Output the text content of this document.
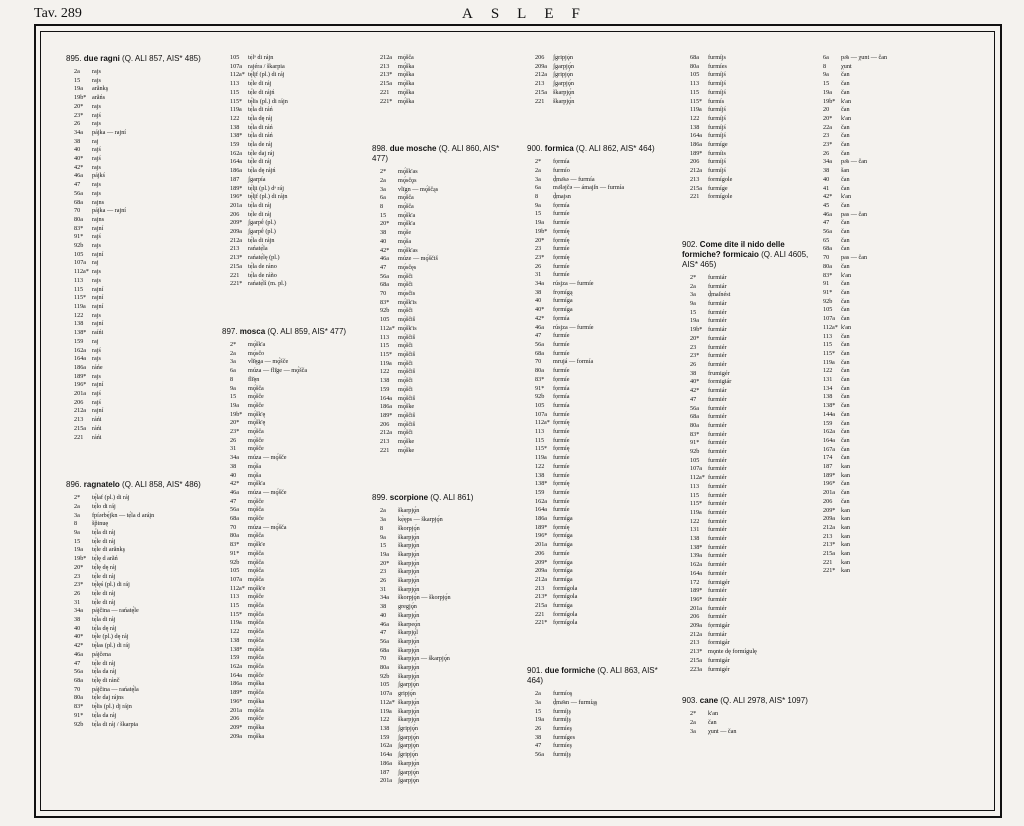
Tav. 289	ASLEF
895. due ragni (Q. ALI 857, AIS* 485)
2a	rajs
15	rajs
19a	arănkş
19b* arăńs
20*	rajs
23*	rajś
26	rajs
34a	pájka — rajní
38	raj
40	rajś
40*	rajś
42*	rajs
46a	pájkś
47	rajs
56a	rajs
68a	rajns
70	pájka — rajní
80a	rajns
83*	rajní
91*	rajś
92b	rajs
105	rajní
107a raj
112a* rajs
113	rajs
115	rajní
115* rajní
119a rajní
122	rajs
138	rajní
138* raíńi
159	raj
162a rajś
164a rajs
186a ráńe
189* rajs
196* rajní
201a rajś
206	rajś
212a rajní
213	ráńi
215a ráńi
221	ráńi
896. ragnatelo (Q. ALI 858, AIS* 486)
2*	tę́laf (pl.) di ráj
2a	tẹ́lo di ráj
3a	fpíərbẹ́jkn — tẹ́la d aráįn
8	šp̌inuę
9a	tẹ́la di ráj
15	tẹ́le di ráj
19a	tẹ́le di arănkş
19b* tẹ́lę d arăń
20*	tẹ́lę dę ráj
23	tẹ́le di ráj
23*	tę́lęś (pl.) di ráj
26	tẹ́le di ráj
31	tẹ́le di ráj
34a	pájčina — rańatę́le
38	tẹ́la di ráj
40	tẹ́la dę ráj
40*	tę́le (pl.) dę ráj
42*	tę́las (pl.) di ráj
46a	pájčena
47	tẹ́le di ráj
56a	tẹ́la da ráj
68a	tẹ́lę di ránč
70	pájčina — rańatę́la
80a	tẹ́le daj rájns
83*	tę́lis (pl.) dj rájn
91*	tẹ́la da ráj
92b	tẹ́la di ráj / škarpia
105	tẹ́lᵊ di rájn
107a rajéra / škarpia
112a* tę́lįf (pl.) di ráj
113	tẹ́le di ráj
115	tẹ́le di rájń
115* tę́lis (pl.) di rájn
119a tẹ́la di ráń
122	tẹ́la dę ráj
138	tẹ́la di ráń
138* tẹ́la di ráń
159	tẹ́la de ráj
162a tẹ́le daj ráj
164a tẹ́le di ráj
186a tẹ́la dę rájń
187	ʃgarpía
189* tẹ́lįi (pl.) dᵊ ráj
196* tę́lįf (pl.) di rájn
201a tẹ́la di ráj
206	tẹ́le di ráj
209* ʃgarpḗ (pl.)
209a ʃgarpḗ (pl.)
212a tẹ́la di rájn
213	rańatẹ́la
213* rańatẹ́lę (pl.)
215a tẹ́la de ráno
221	tẹ́la de ráño
221* rańatẹ́lì (m. pl.)
897. mosca (Q. ALI 859, AIS* 477)
2*	mǫ́šk'a
2a	mǫ́sčo
3a	vlī̆ęga — mǫ́šče
6a	múza — flī̆ge — mǫ́šča
8	flī̆ęn
9a	mǫ́šča
15	mǫ́šče
19a	mǫ́šče
19b* mǫ́šk'ę
20*	mǫ́šk'ę
23*	mǫ́šča
26	mǫ́šče
31	mǫ́šče
34a	múza — mǫ́šče
38	mǫ́ša
40	mǫ́ša
42*	mǫ́šk'a
46a	múza — mǫ́šče
47	mǫ́šče
56a	mǫ́šča
68a	mǫ́šče
70	múza — mǫ́šča
80a	mǫ́šča
83*	mǫ́šk'e
91*	mǫ́šča
92b	mǫ́šča
105	mǫ́šča
107a mǫ́šča
112a* mǫ́šk'e
113	mǫ́šče
115	mǫ́šča
115* mǫ́šča
119a mǫ́šča
122	mǫ́šča
138	mǫ́šča
138* mǫ́šča
159	mǫ́šča
162a mǫ́šča
164a mǫ́šče
186a mǫ́ška
189* mǫ́šča
196* mǫ́ška
201a mǫ́šča
206	mǫ́šče
209* mǫ́ška
209a mǫ́ška
212a mǫ́šča
213	mǫ́ška
213* mǫ́ška
215a mǫ́ška
221	mǫ́ška
221* mǫ́ška
898. due mosche (Q. ALI 860, AIS* 477)
2*	mǫ́šk'as
2a	mǫ́sčǫs
3a	vlīgn — mǫ́ščąs
6a	mǫ́šča
8	mǫ́šča
15	mǫ́šk'a
20*	mǫ́šk'a
38	mǫ́še
40	mǫ́ša
42*	mǫ́šk'as
46a	múze — mǫ́ščiš
47	mǫ́sčęs
56a	mǫ́šči
68a	mǫ́šči
70	mǫ́sčis
83*	mǫ́šk'is
92b	mǫ́šči
105	mǫ́ščiš
112a* mǫ́šk'is
113	mǫ́ščiš
115	mǫ́šči
115* mǫ́ščiš
119a mǫ́šči
122	mǫ́ščiš
138	mǫ́šči
159	mǫ́šči
164a mǫ́ščiš
186a mǫ́ške
189* mǫ́ščiš
206	mǫ́ščiš
212a mǫ́šči
213	mǫ́ške
221	mǫ́ške
899. scorpione (Q. ALI 861)
2a	škarpjǫ́n
3a	kẹ̀ęps — škarpjǫ́n
8	škorpjǫ́n
9a	škarpjǫ́n
15	škarpjǫ́n
19a	škarpjǫ́n
20*	škarpjǫ́n
23	škarpjǫ́n
26	škarpjǫ́n
31	škarpjǫ́n
34a	škorpjǫ́n — škorpjǫ́n
38	gregjǫ́n
40	škarpjǫ́n
46a	škarpeǫ́n
47	škarpjǫ́l
56a	škarpjǫ́n
68a	škarpjǫ́n
70	škarpjǫ́n — škarpjǫ́n
80a	škarpjǫ́n
92b	škarpjǫ́n
105	ʃgarpjǫ́n
107a gripjǫ́n
112a* škarpjǫ́n
119a škarpjǫ́n
122	škarpjǫ́n
138	ʃgripjǫ́n
159	ʃgarpjǫ́n
162a ʃgarpjǫ́n
164a ʃgripjǫ́n
186a škarpjǫ́n
187	ʃgarpjǫ́n
201a ʃgarpjǫ́n
206	ʃgripjǫ́n
209a ʃgarpjǫ́n
212a ʃgripjǫ́n
213	ʃgarpjǫ́n
215a škarpjǫ́n
221	škarpjǫ́n
900. formica (Q. ALI 862, AIS* 464)
2*	fọrmía
2a	furmío
3a	ḍ̣̀mə̄sə — furmía
6a	mə̄ləjčə — ámajſn — furmía
8	ḍ̣̀majsn
9a	fọrmía
15	furmíe
19a	furmíe
19b* fọrmíę
20*	fọrmíę
23	furmíe
23*	fọrmíę
26	furmíe
31	furmíe
34a	rúsjza — furmíe
38	frọmígą
40	furmíga
40*	fọrmíga
42*	fọrmía
46a	rúsjza — furmíe
47	furmíe
56a	furmíe
68a	furmíe
70	mrujá — formía
80a	furmíe
83*	fọrmíe
91*	fọrmía
92b	fọrmía
105	furmía
107a furmíe
112a* fọrmíę
113	furmíe
115	furmíe
115* fọrmíę
119a furmíe
122	furmíe
138	furmíe
138* fọrmíę
159	furmíe
162a furmíe
164a furmíe
186a furmíga
189* fọrmíę
196* fọrmíga
201a furmíga
206	furmíe
209* fọrmíga
209a fọrmíga
212a furmíga
213	formígola
213* fọrmígola
215a furmíga
221	formígola
221* fọrmígola
901. due formiche (Q. ALI 863, AIS* 464)
2a	furmíoş
3a	ḍ̣̀mə̄sn — furmíąş
15	furmíjş
19a	furmíjş
26	furmíeş
38	furmíges
47	furmíeş
56a	furmíjş
68a	furmíjs
80a	furmíes
105	furmíjś
113	furmíjś
115	furmíjś
115* furmís
119a furmíjś
122	furmíjś
138	furmíjś
164a furmíjś
186a furmíge
189* furmíis
206	furmíjś
212a furmíjś
213	formígole
215a furmíge
221	formígole
902. Come dite il nido delle formiche? formicaio (Q. ALI 4605, AIS* 465)
2*	furmiár
2a	furmiár
3a	ḍ̣̀maſnést
9a	furmiár
15	furmiér
19a	furmiér
19b* furmiár
20*	furmiár
23	furmiér
23*	furmiér
26	furmiér
38	frumigér
40*	formigiár
42*	furmiár
47	furmiér
56a	furmiér
68a	furmiér
80a	furmiér
83*	furmiér
91*	furmiér
92b	furmiér
105	furmiér
107a furmiér
112a* furmiér
113	furmiér
115	furmiér
115* furmiér
119a furmiér
122	furmiér
131	furmiér
138	furmiér
138* furmiér
139a furmiér
162a furmiér
164a furmiér
172	furmigér
189* furmiér
196* furmiér
201a furmiér
206	furmiér
209a fọrmigár
212a furmiár
213	formigár
213* mǫnte dę formígulę
215a furmigár
223a furmigér
903. cane (Q. ALI 2978, AIS* 1097)
2*	k'an
2a	čan
3a	χunt — čan
6a	pə̄s — χunt — čan
8	χunt
9a	čan
15	čan
19a	čan
19b* k'an
20	čan
20*	k'an
22a	čan
23	čan
23*	čan
26	čan
34a	pə̄s — čan
38	šan
40	čan
41	čan
42*	k'an
45	čan
46a	pas — čan
47	čan
56a	čan
65	čan
68a	čan
70	pas — čan
80a	čan
83*	k'an
91	čan
91*	čan
92b	čan
105	čan
107a čan
112a* k'an
113	čan
115	čan
115* čan
119a čan
122	čan
131	čan
134	čan
138	čan
138* čan
144a čan
159	čan
162a čan
164a čan
167a čan
174	čan
187	kan
189* kan
196* čan
201a čan
206	čan
209* kan
209a kan
212a kan
213	kan
213* kan
215a kan
221	kan
221* kan
